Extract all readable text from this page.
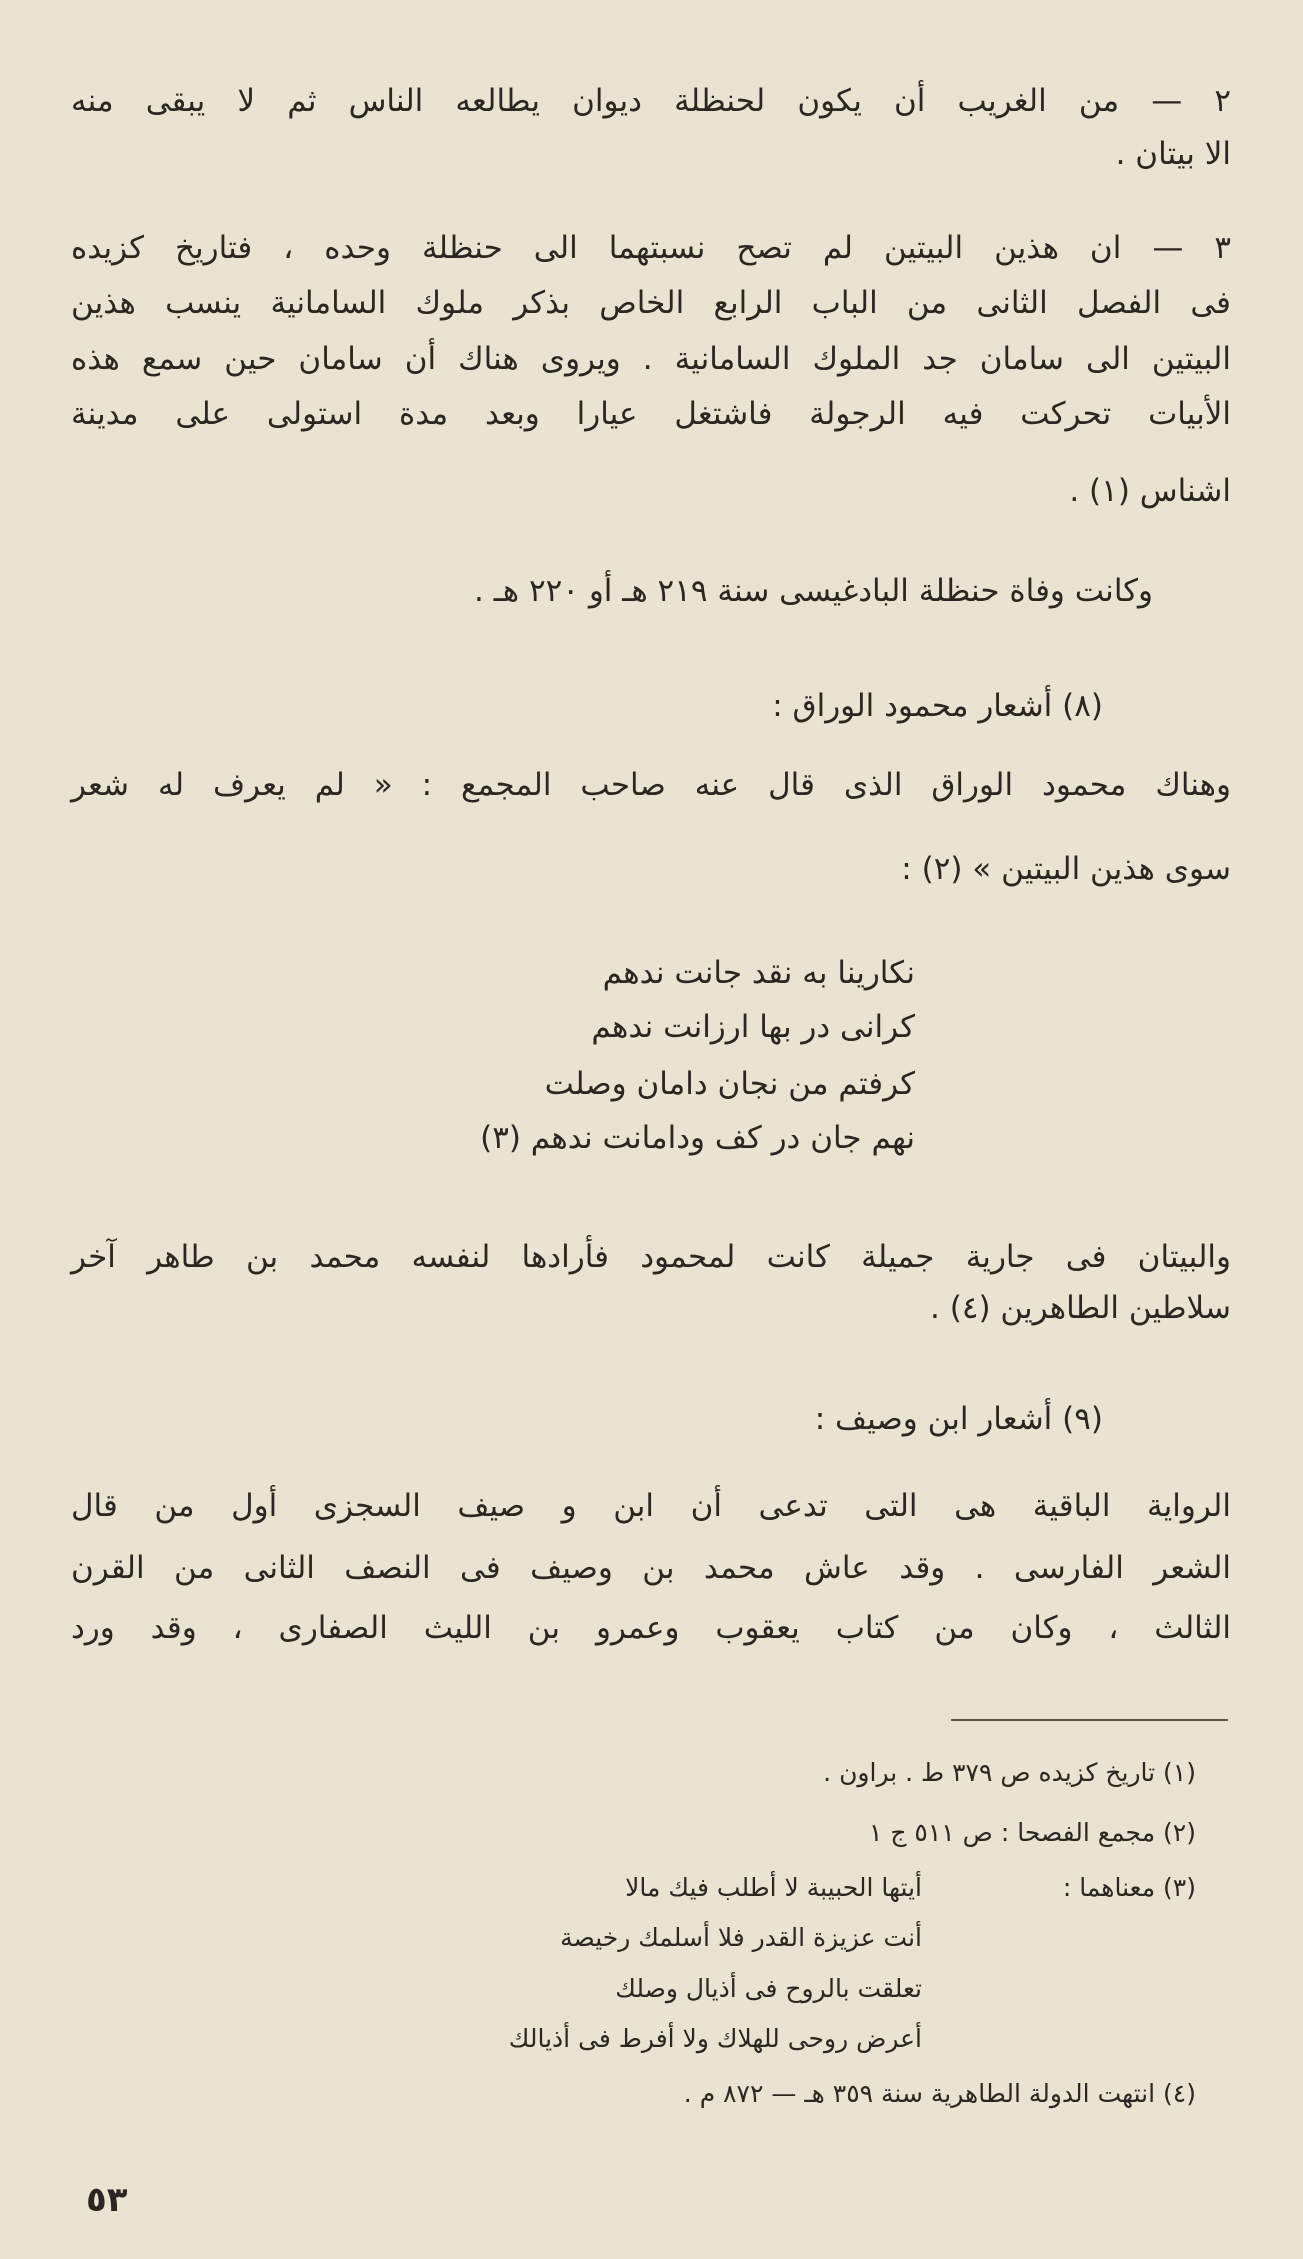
٢ — من الغريب أن يكون لحنظلة ديوان يطالعه الناس ثم لا يبقى منه
الا بيتان .
٣ — ان هذين البيتين لم تصح نسبتهما الى حنظلة وحده ، فتاريخ كزيده
فى الفصل الثانى من الباب الرابع الخاص بذكر ملوك السامانية ينسب هذين
البيتين الى سامان جد الملوك السامانية . ويروى هناك أن سامان حين سمع هذه
الأبيات تحركت فيه الرجولة فاشتغل عيارا وبعد مدة استولى على مدينة
اشناس (١) .
وكانت وفاة حنظلة البادغيسى سنة ٢١٩ هـ أو ٢٢٠ هـ .
(٨) أشعار محمود الوراق :
وهناك محمود الوراق الذى قال عنه صاحب المجمع : « لم يعرف له شعر
سوى هذين البيتين » (٢) :
نكارينا به نقد جانت ندهم
كرانى در بها ارزانت ندهم
كرفتم من نجان دامان وصلت
نهم جان در كف ودامانت ندهم (٣)
والبيتان فى جارية جميلة كانت لمحمود فأرادها لنفسه محمد بن طاهر آخر
سلاطين الطاهرين (٤) .
(٩) أشعار ابن وصيف :
الرواية الباقية هى التى تدعى أن ابن و صيف السجزى أول من قال
الشعر الفارسى . وقد عاش محمد بن وصيف فى النصف الثانى من القرن
الثالث ، وكان من كتاب يعقوب وعمرو بن الليث الصفارى ، وقد ورد
(١) تاريخ كزيده ص ٣٧٩ ط . براون .
(٢) مجمع الفصحا : ص ٥١١ ج ١
(٣) معناهما :
أيتها الحبيبة لا أطلب فيك مالا
أنت عزيزة القدر فلا أسلمك رخيصة
تعلقت بالروح فى أذيال وصلك
أعرض روحى للهلاك ولا أفرط فى أذيالك
(٤) انتهت الدولة الطاهرية سنة ٣٥٩ هـ — ٨٧٢ م .
٥٣
